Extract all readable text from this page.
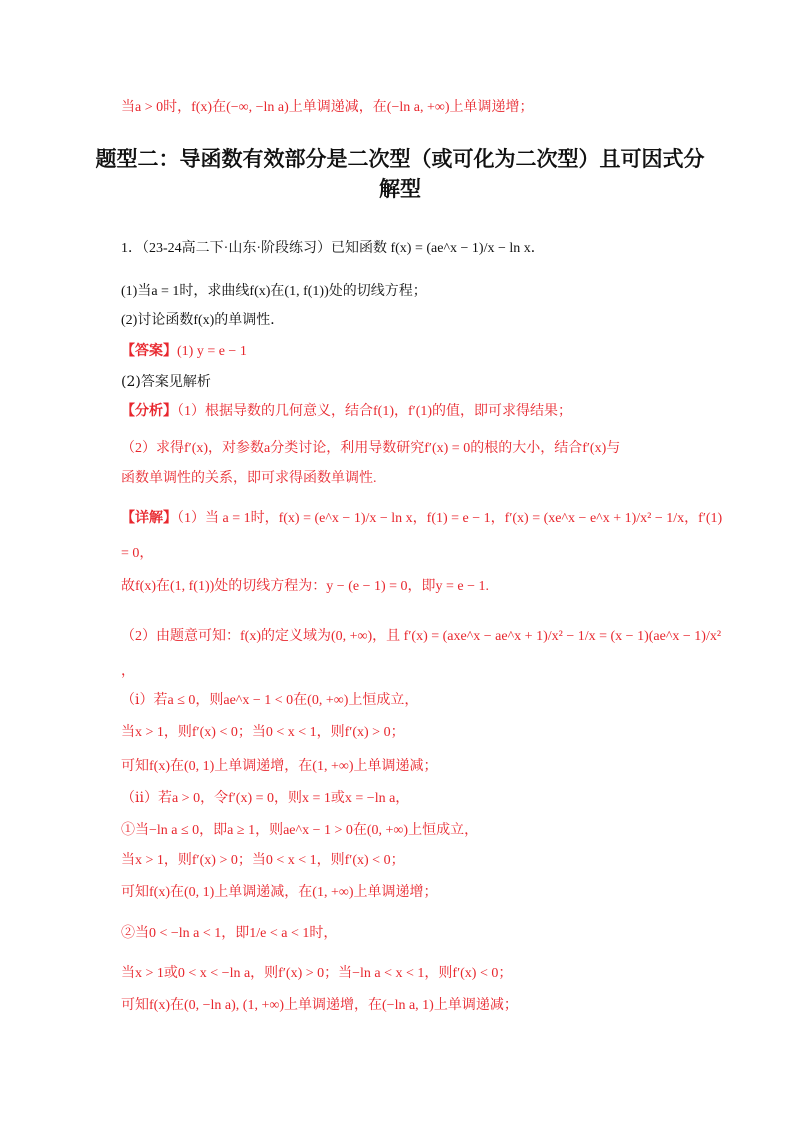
当a > 0时，f(x)在(−∞, −ln a)上单调递减，在(−ln a, +∞)上单调递增；
题型二：导函数有效部分是二次型（或可化为二次型）且可因式分
解型
1．（23-24高二下·山东·阶段练习）已知函数 f(x) = (ae^x − 1)/x − ln x．
(1)当a = 1时，求曲线f(x)在(1, f(1))处的切线方程；
(2)讨论函数f(x)的单调性．
【答案】(1) y = e − 1
(2)答案见解析
【分析】（1）根据导数的几何意义，结合f(1)，f′(1)的值，即可求得结果；
（2）求得f′(x)，对参数a分类讨论，利用导数研究f′(x) = 0的根的大小，结合f′(x)与
函数单调性的关系，即可求得函数单调性.
【详解】（1）当 a = 1时，f(x) = (e^x − 1)/x − ln x，f(1) = e − 1，f′(x) = (xe^x − e^x + 1)/x² − 1/x，f′(1)
= 0，
故f(x)在(1, f(1))处的切线方程为：y − (e − 1) = 0，即y = e − 1.
（2）由题意可知：f(x)的定义域为(0, +∞)，且 f′(x) = (axe^x − ae^x + 1)/x² − 1/x = (x − 1)(ae^x − 1)/x²
，
（ⅰ）若a ≤ 0，则ae^x − 1 < 0在(0, +∞)上恒成立，
当x > 1，则f′(x) < 0；当0 < x < 1，则f′(x) > 0；
可知f(x)在(0, 1)上单调递增，在(1, +∞)上单调递减；
（ⅱ）若a > 0，令f′(x) = 0，则x = 1或x = −ln a，
①当−ln a ≤ 0，即a ≥ 1，则ae^x − 1 > 0在(0, +∞)上恒成立，
当x > 1，则f′(x) > 0；当0 < x < 1，则f′(x) < 0；
可知f(x)在(0, 1)上单调递减，在(1, +∞)上单调递增；
②当0 < −ln a < 1，即1/e < a < 1时，
当x > 1或0 < x < −ln a，则f′(x) > 0；当−ln a < x < 1，则f′(x) < 0；
可知f(x)在(0, −ln a), (1, +∞)上单调递增，在(−ln a, 1)上单调递减；
